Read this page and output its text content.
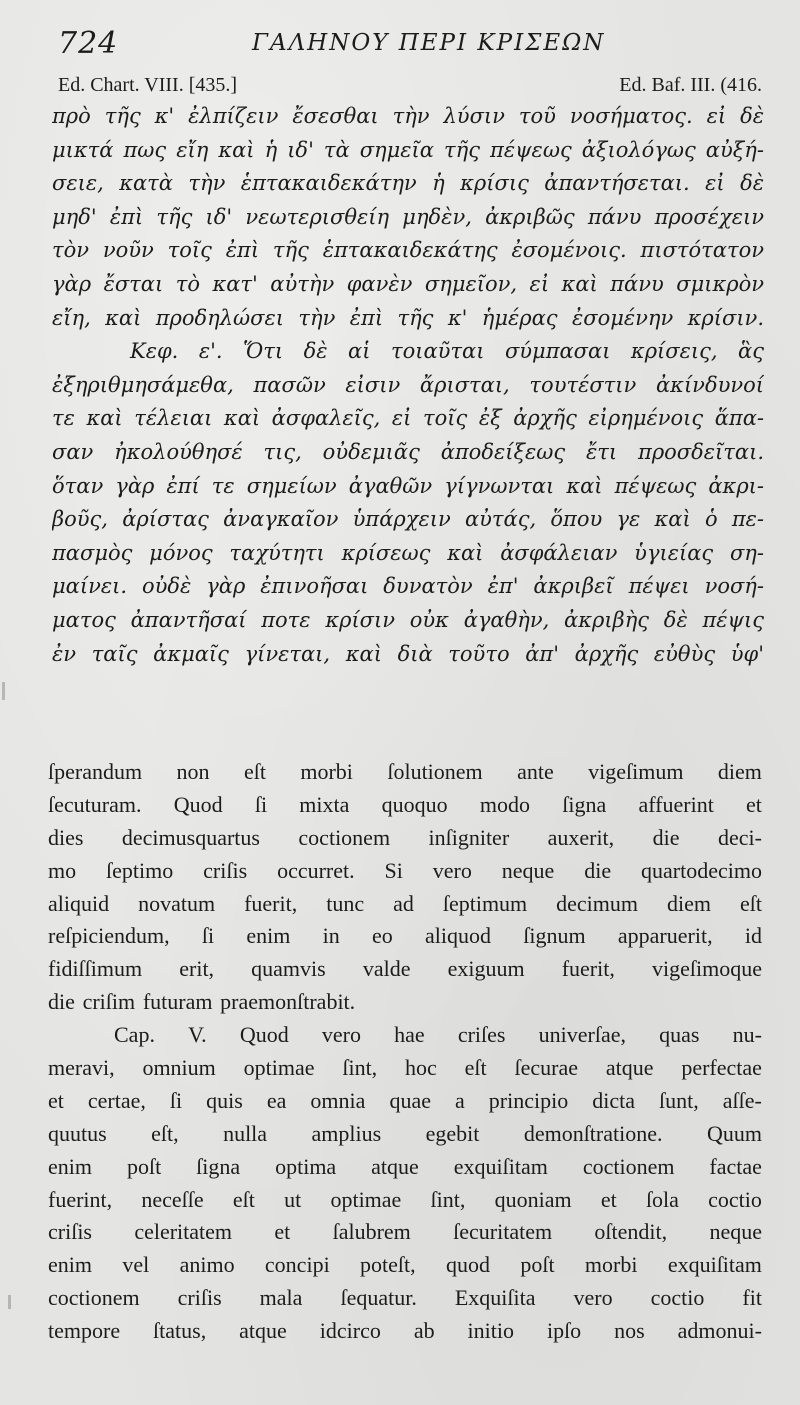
724	ΓΑΛΗΝΟΥ ΠΕΡΙ ΚΡΙΣΕΩΝ
Ed. Chart. VIII. [435.]	Ed. Baf. III. (416.
πρὸ τῆς κ' ἐλπίζειν ἔσεσθαι τὴν λύσιν τοῦ νοσήματος. εἰ δὲ
μικτά πως εἴη καὶ ἡ ιδ' τὰ σημεῖα τῆς πέψεως ἀξιολόγως αὐξή-
σειε, κατὰ τὴν ἑπτακαιδεκάτην ἡ κρίσις ἀπαντήσεται. εἰ δὲ
μηδ' ἐπὶ τῆς ιδ' νεωτερισθείη μηδὲν, ἀκριβῶς πάνυ προσέχειν
τὸν νοῦν τοῖς ἐπὶ τῆς ἑπτακαιδεκάτης ἐσομένοις. πιστότατον
γὰρ ἔσται τὸ κατ' αὐτὴν φανὲν σημεῖον, εἰ καὶ πάνυ σμικρὸν
εἴη, καὶ προδηλώσει τὴν ἐπὶ τῆς κ' ἡμέρας ἐσομένην κρίσιν.
Κεφ. ε'. Ὅτι δὲ αἱ τοιαῦται σύμπασαι κρίσεις, ἃς
ἐξηριθμησάμεθα, πασῶν εἰσιν ἄρισται, τουτέστιν ἀκίνδυνοί
τε καὶ τέλειαι καὶ ἀσφαλεῖς, εἰ τοῖς ἐξ ἀρχῆς εἰρημένοις ἅπα-
σαν ἠκολούθησέ τις, οὐδεμιᾶς ἀποδείξεως ἔτι προσδεῖται.
ὅταν γὰρ ἐπί τε σημείων ἀγαθῶν γίγνωνται καὶ πέψεως ἀκρι-
βοῦς, ἀρίστας ἀναγκαῖον ὑπάρχειν αὐτάς, ὅπου γε καὶ ὁ πε-
πασμὸς μόνος ταχύτητι κρίσεως καὶ ἀσφάλειαν ὑγιείας ση-
μαίνει. οὐδὲ γὰρ ἐπινοῆσαι δυνατὸν ἐπ' ἀκριβεῖ πέψει νοσή-
ματος ἀπαντῆσαί ποτε κρίσιν οὐκ ἀγαθὴν, ἀκριβὴς δὲ πέψις
ἐν ταῖς ἀκμαῖς γίνεται, καὶ διὰ τοῦτο ἀπ' ἀρχῆς εὐθὺς ὑφ'
ſperandum non eſt morbi ſolutionem ante vigeſimum diem
ſecuturam. Quod ſi mixta quoquo modo ſigna affuerint et
dies decimusquartus coctionem inſigniter auxerit, die deci-
mo ſeptimo criſis occurret. Si vero neque die quartodecimo
aliquid novatum fuerit, tunc ad ſeptimum decimum diem eſt
reſpiciendum, ſi enim in eo aliquod ſignum apparuerit, id
fidiſſimum erit, quamvis valde exiguum fuerit, vigeſimoque
die criſim futuram praemonſtrabit.
Cap. V. Quod vero hae criſes univerſae, quas nu-
meravi, omnium optimae ſint, hoc eſt ſecurae atque perfectae
et certae, ſi quis ea omnia quae a principio dicta ſunt, aſſe-
quutus eſt, nulla amplius egebit demonſtratione. Quum
enim poſt ſigna optima atque exquiſitam coctionem factae
fuerint, neceſſe eſt ut optimae ſint, quoniam et ſola coctio
criſis celeritatem et ſalubrem ſecuritatem oſtendit, neque
enim vel animo concipi poteſt, quod poſt morbi exquiſitam
coctionem criſis mala ſequatur. Exquiſita vero coctio fit
tempore ſtatus, atque idcirco ab initio ipſo nos admonui-
